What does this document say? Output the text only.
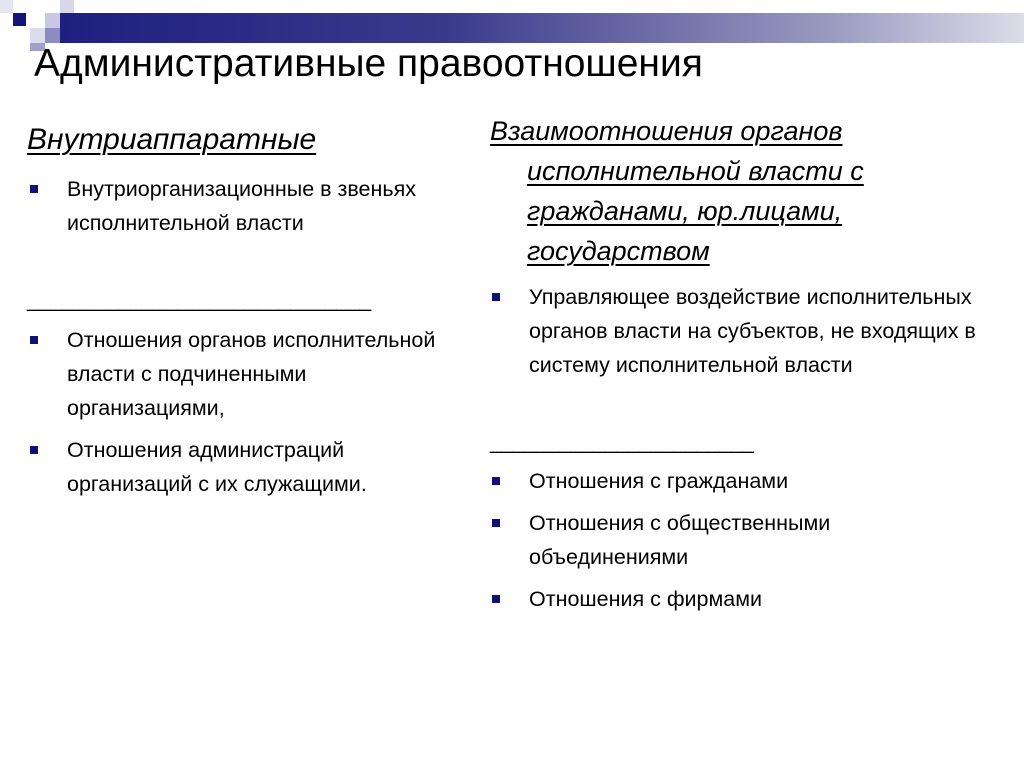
Административные правоотношения
Внутриаппаратные
Внутриорганизационные в звеньях исполнительной власти
______________________________
Отношения органов исполнительной власти с подчиненными организациями,
Отношения администраций организаций с их служащими.
Взаимоотношения органов исполнительной власти с гражданами, юр.лицами, государством
Управляющее воздействие исполнительных органов власти на субъектов, не входящих в систему исполнительной власти
_______________________
Отношения с гражданами
Отношения с общественными объединениями
Отношения с фирмами
